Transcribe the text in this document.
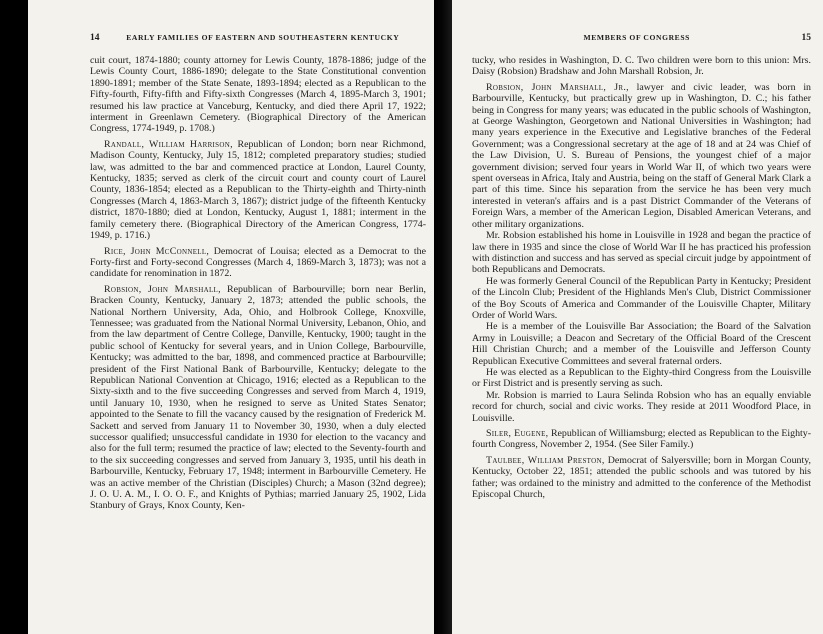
14	EARLY FAMILIES OF EASTERN AND SOUTHEASTERN KENTUCKY

cuit court, 1874-1880; county attorney for Lewis County, 1878-1886; judge of the Lewis County Court, 1886-1890; delegate to the State Constitutional convention 1890-1891; member of the State Senate, 1893-1894; elected as a Republican to the Fifty-fourth, Fifty-fifth and Fifty-sixth Congresses (March 4, 1895-March 3, 1901; resumed his law practice at Vanceburg, Kentucky, and died there April 17, 1922; interment in Greenlawn Cemetery. (Biographical Directory of the American Congress, 1774-1949, p. 1708.)

Randall, William Harrison, Republican of London; born near Richmond, Madison County, Kentucky, July 15, 1812; completed preparatory studies; studied law, was admitted to the bar and commenced practice at London, Laurel County, Kentucky, 1835; served as clerk of the circuit court and county court of Laurel County, 1836-1854; elected as a Republican to the Thirty-eighth and Thirty-ninth Congresses (March 4, 1863-March 3, 1867); district judge of the fifteenth Kentucky district, 1870-1880; died at London, Kentucky, August 1, 1881; interment in the family cemetery there. (Biographical Directory of the American Congress, 1774-1949, p. 1716.)

Rice, John McConnell, Democrat of Louisa; elected as a Democrat to the Forty-first and Forty-second Congresses (March 4, 1869-March 3, 1873); was not a candidate for renomination in 1872.

Robsion, John Marshall, Republican of Barbourville; born near Berlin, Bracken County, Kentucky, January 2, 1873; attended the public schools, the National Northern University, Ada, Ohio, and Holbrook College, Knoxville, Tennessee; was graduated from the National Normal University, Lebanon, Ohio, and from the law department of Centre College, Danville, Kentucky, 1900; taught in the public school of Kentucky for several years, and in Union College, Barbourville, Kentucky; was admitted to the bar, 1898, and commenced practice at Barbourville; president of the First National Bank of Barbourville, Kentucky; delegate to the Republican National Convention at Chicago, 1916; elected as a Republican to the Sixty-sixth and to the five succeeding Congresses and served from March 4, 1919, until January 10, 1930, when he resigned to serve as United States Senator; appointed to the Senate to fill the vacancy caused by the resignation of Frederick M. Sackett and served from January 11 to November 30, 1930, when a duly elected successor qualified; unsuccessful candidate in 1930 for election to the vacancy and also for the full term; resumed the practice of law; elected to the Seventy-fourth and to the six succeeding congresses and served from January 3, 1935, until his death in Barbourville, Kentucky, February 17, 1948; interment in Barbourville Cemetery. He was an active member of the Christian (Disciples) Church; a Mason (32nd degree); J. O. U. A. M., I. O. O. F., and Knights of Pythias; married January 25, 1902, Lida Stanbury of Grays, Knox County, Ken-

MEMBERS OF CONGRESS	15

tucky, who resides in Washington, D. C. Two children were born to this union: Mrs. Daisy (Robsion) Bradshaw and John Marshall Robsion, Jr.

Robsion, John Marshall, Jr., lawyer and civic leader, was born in Barbourville, Kentucky, but practically grew up in Washington, D. C.; his father being in Congress for many years; was educated in the public schools of Washington, at George Washington, Georgetown and National Universities in Washington; had many years experience in the Executive and Legislative branches of the Federal Government; was a Congressional secretary at the age of 18 and at 24 was Chief of the Law Division, U. S. Bureau of Pensions, the youngest chief of a major government division; served four years in World War II, of which two years were spent overseas in Africa, Italy and Austria, being on the staff of General Mark Clark a part of this time. Since his separation from the service he has been very much interested in veteran's affairs and is a past District Commander of the Veterans of Foreign Wars, a member of the American Legion, Disabled American Veterans, and other military organizations.

Mr. Robsion established his home in Louisville in 1928 and began the practice of law there in 1935 and since the close of World War II he has practiced his profession with distinction and success and has served as special circuit judge by appointment of both Republicans and Democrats.

He was formerly General Council of the Republican Party in Kentucky; President of the Lincoln Club; President of the Highlands Men's Club, District Commissioner of the Boy Scouts of America and Commander of the Louisville Chapter, Military Order of World Wars.

He is a member of the Louisville Bar Association; the Board of the Salvation Army in Louisville; a Deacon and Secretary of the Official Board of the Crescent Hill Christian Church; and a member of the Louisville and Jefferson County Republican Executive Committees and several fraternal orders.

He was elected as a Republican to the Eighty-third Congress from the Louisville or First District and is presently serving as such.

Mr. Robsion is married to Laura Selinda Robsion who has an equally enviable record for church, social and civic works. They reside at 2011 Woodford Place, in Louisville.

Siler, Eugene, Republican of Williamsburg; elected as Republican to the Eighty-fourth Congress, November 2, 1954. (See Siler Family.)

Taulbee, William Preston, Democrat of Salyersville; born in Morgan County, Kentucky, October 22, 1851; attended the public schools and was tutored by his father; was ordained to the ministry and admitted to the conference of the Methodist Episcopal Church,
